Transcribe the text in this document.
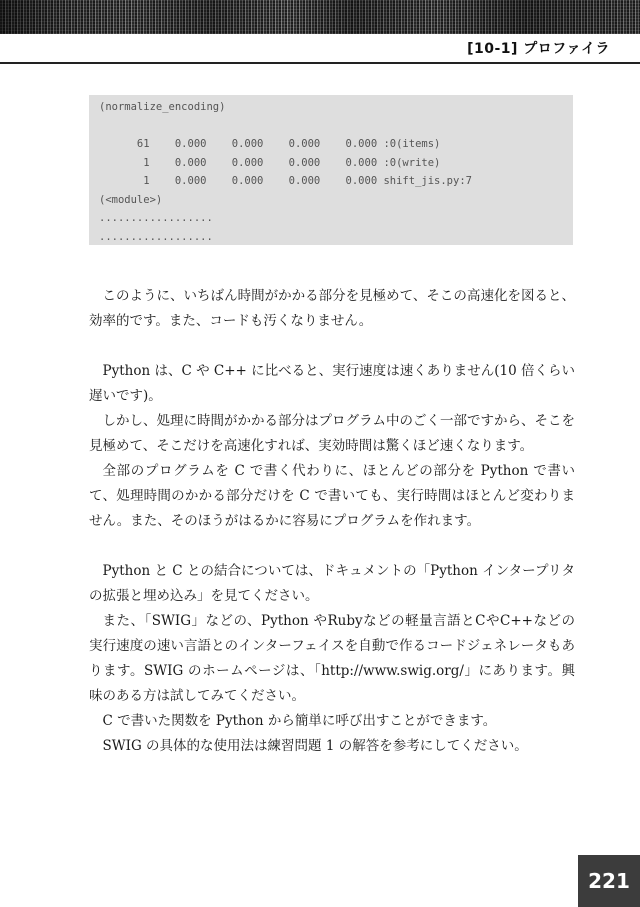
[10-1] プロファイラ
(normalize_encoding)
61    0.000    0.000    0.000    0.000 :0(items)
1    0.000    0.000    0.000    0.000 :0(write)
1    0.000    0.000    0.000    0.000 shift_jis.py:7
(<module>)
..................
..................

このように、いちばん時間がかかる部分を見極めて、そこの高速化を図ると、効率的です。また、コードも汚くなりません。

Python は、C や C++ に比べると、実行速度は速くありません(10 倍くらい遅いです)。

しかし、処理に時間がかかる部分はプログラム中のごく一部ですから、そこを見極めて、そこだけを高速化すれば、実効時間は驚くほど速くなります。

全部のプログラムを C で書く代わりに、ほとんどの部分を Python で書いて、処理時間のかかる部分だけを C で書いても、実行時間はほとんど変わりません。また、そのほうがはるかに容易にプログラムを作れます。

Python と C との結合については、ドキュメントの「Python インタープリタの拡張と埋め込み」を見てください。

また、「SWIG」などの、Python やRubyなどの軽量言語とCやC++などの実行速度の速い言語とのインターフェイスを自動で作るコードジェネレータもあります。SWIG のホームページは、「http://www.swig.org/」にあります。興味のある方は試してみてください。

C で書いた関数を Python から簡単に呼び出すことができます。

SWIG の具体的な使用法は練習問題 1 の解答を参考にしてください。

221
